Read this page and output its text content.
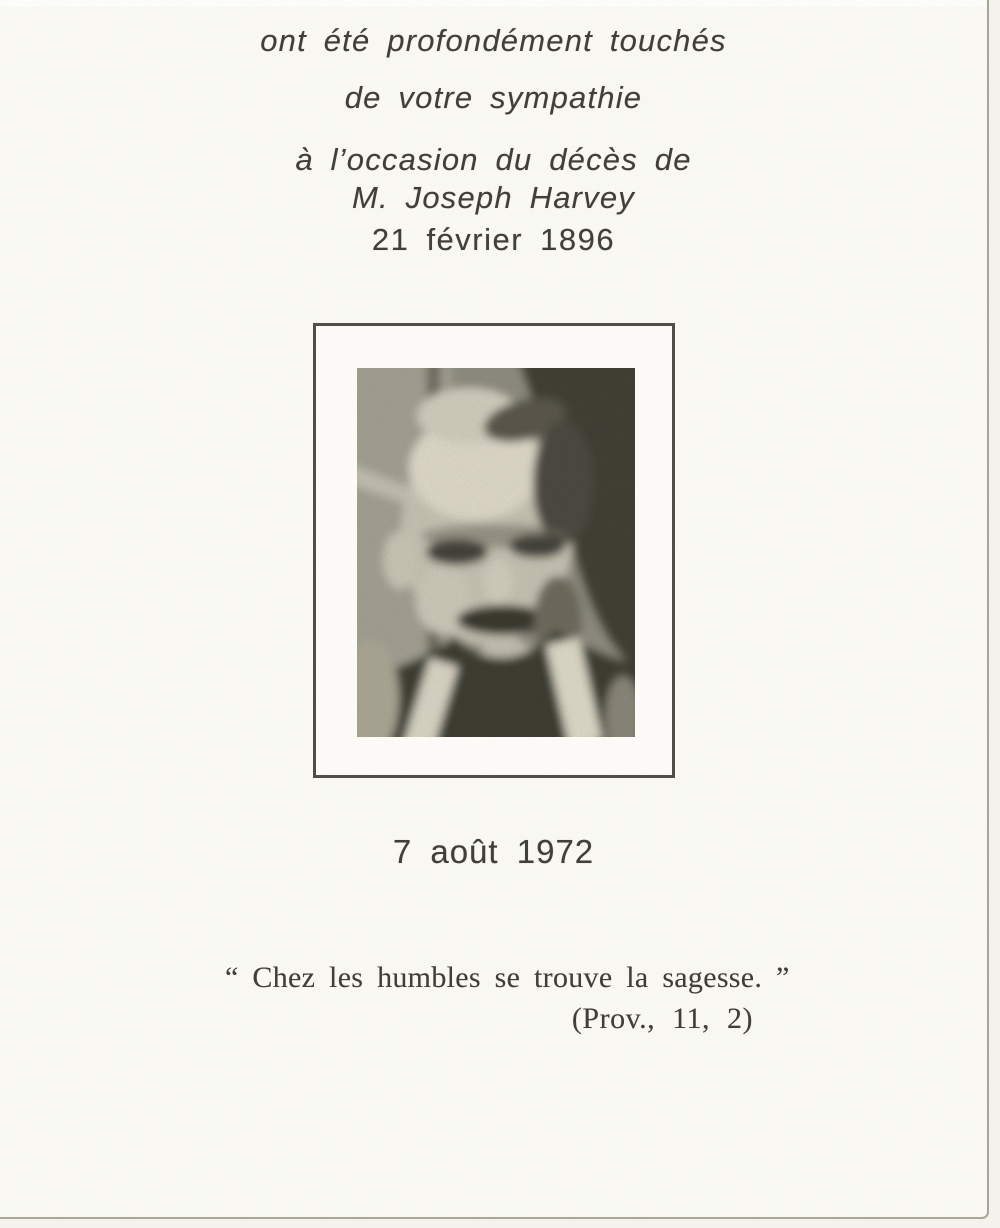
ont été profondément touchés
de votre sympathie
à l’occasion du décès de
M. Joseph Harvey
21 février 1896
7 août 1972
“ Chez les humbles se trouve la sagesse. ”
(Prov., 11, 2)
